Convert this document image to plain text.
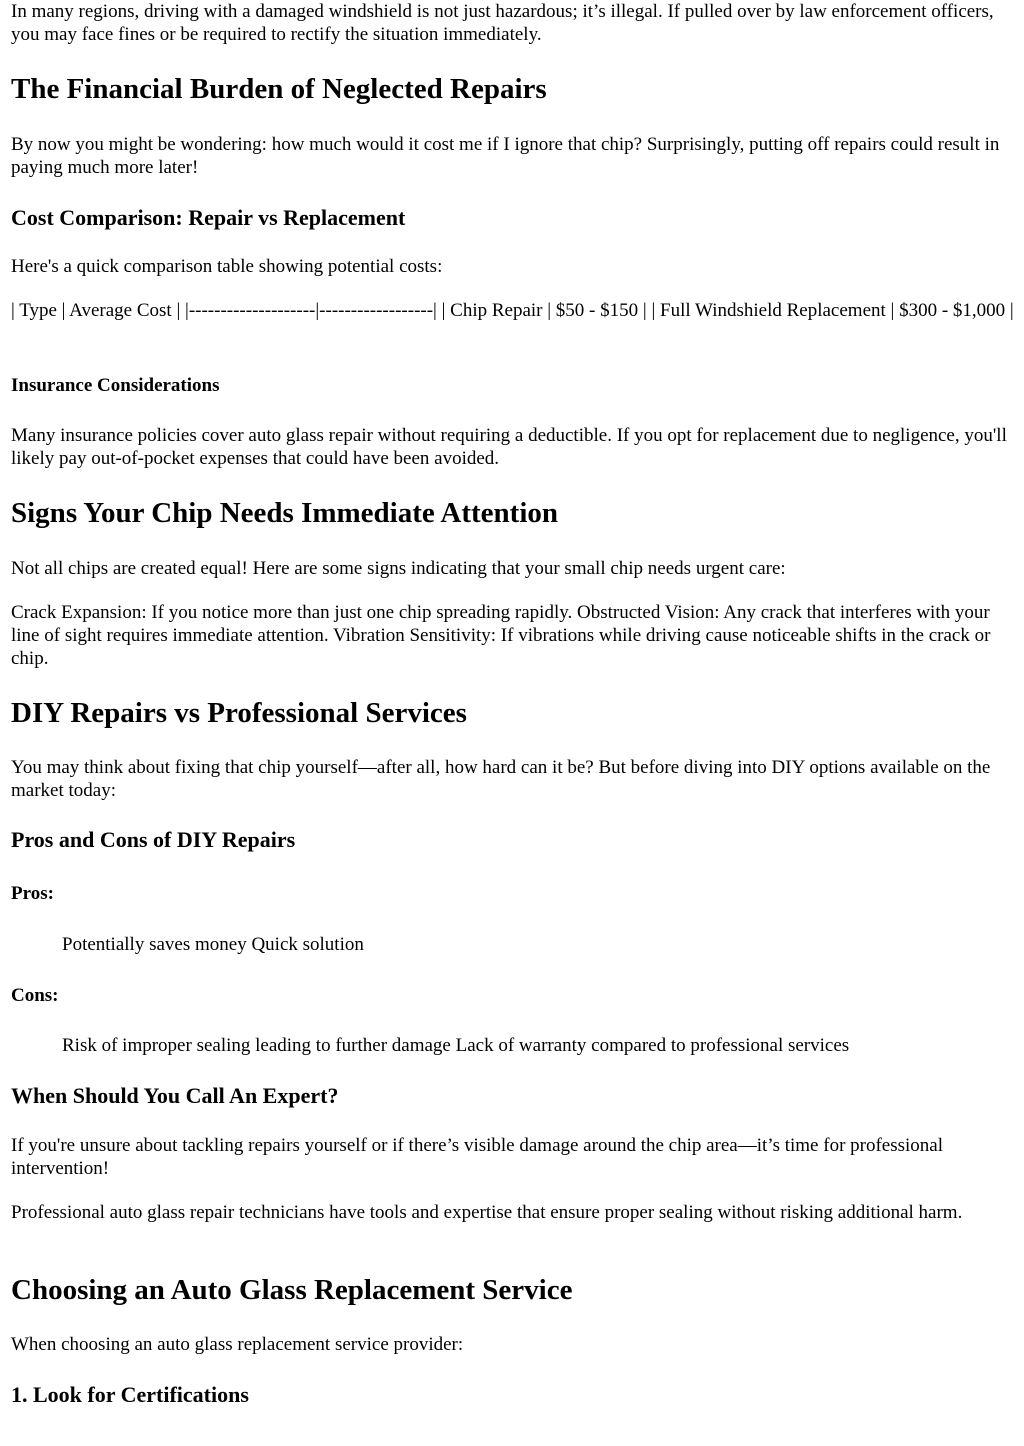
In many regions, driving with a damaged windshield is not just hazardous; it’s illegal. If pulled over by law enforcement officers, you may face fines or be required to rectify the situation immediately.

The Financial Burden of Neglected Repairs

By now you might be wondering: how much would it cost me if I ignore that chip? Surprisingly, putting off repairs could result in paying much more later!

Cost Comparison: Repair vs Replacement

Here's a quick comparison table showing potential costs:

| Type | Average Cost | |--------------------|------------------| | Chip Repair | $50 - $150 | | Full Windshield Replacement | $300 - $1,000 |

Insurance Considerations

Many insurance policies cover auto glass repair without requiring a deductible. If you opt for replacement due to negligence, you'll likely pay out-of-pocket expenses that could have been avoided.

Signs Your Chip Needs Immediate Attention

Not all chips are created equal! Here are some signs indicating that your small chip needs urgent care:

Crack Expansion: If you notice more than just one chip spreading rapidly. Obstructed Vision: Any crack that interferes with your line of sight requires immediate attention. Vibration Sensitivity: If vibrations while driving cause noticeable shifts in the crack or chip.

DIY Repairs vs Professional Services

You may think about fixing that chip yourself—after all, how hard can it be? But before diving into DIY options available on the market today:

Pros and Cons of DIY Repairs
Pros:

Potentially saves money Quick solution

Cons:

Risk of improper sealing leading to further damage Lack of warranty compared to professional services

When Should You Call An Expert?

If you're unsure about tackling repairs yourself or if there’s visible damage around the chip area—it’s time for professional intervention!

Professional auto glass repair technicians have tools and expertise that ensure proper sealing without risking additional harm.

Choosing an Auto Glass Replacement Service

When choosing an auto glass replacement service provider:

1. Look for Certifications
